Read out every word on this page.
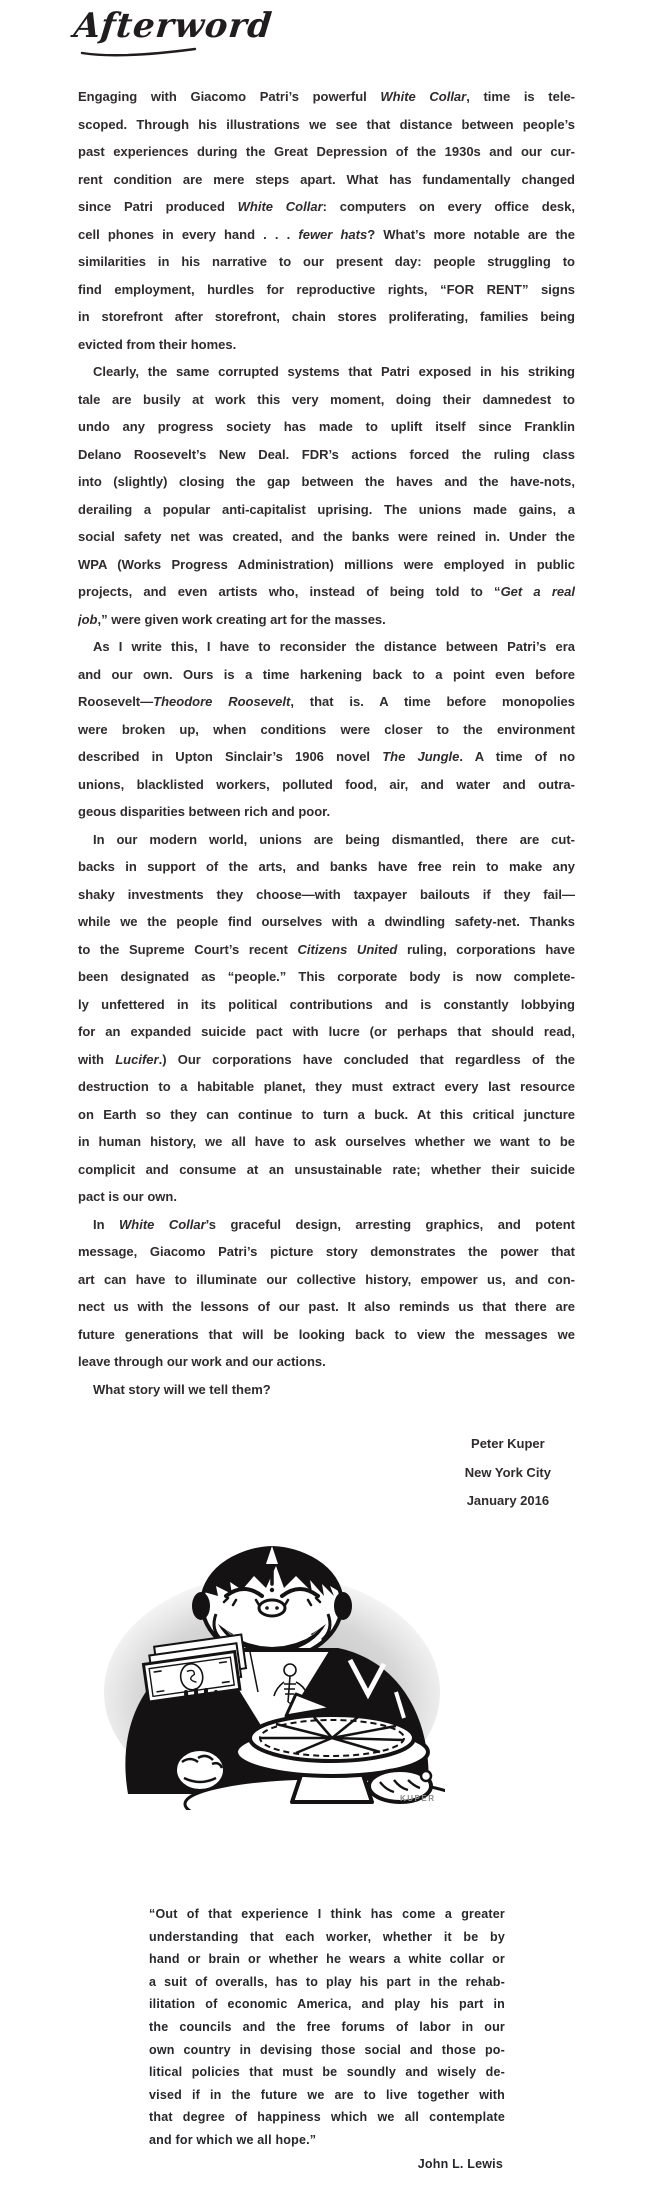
Afterword
Engaging with Giacomo Patri’s powerful White Collar, time is tele-
scoped. Through his illustrations we see that distance between people’s
past experiences during the Great Depression of the 1930s and our cur-
rent condition are mere steps apart. What has fundamentally changed
since Patri produced White Collar: computers on every office desk,
cell phones in every hand . . . fewer hats? What’s more notable are the
similarities in his narrative to our present day: people struggling to
find employment, hurdles for reproductive rights, “FOR RENT” signs
in storefront after storefront, chain stores proliferating, families being
evicted from their homes.
Clearly, the same corrupted systems that Patri exposed in his striking
tale are busily at work this very moment, doing their damnedest to
undo any progress society has made to uplift itself since Franklin
Delano Roosevelt’s New Deal. FDR’s actions forced the ruling class
into (slightly) closing the gap between the haves and the have-nots,
derailing a popular anti-capitalist uprising. The unions made gains, a
social safety net was created, and the banks were reined in. Under the
WPA (Works Progress Administration) millions were employed in public
projects, and even artists who, instead of being told to “Get a real
job,” were given work creating art for the masses.
As I write this, I have to reconsider the distance between Patri’s era
and our own. Ours is a time harkening back to a point even before
Roosevelt—Theodore Roosevelt, that is. A time before monopolies
were broken up, when conditions were closer to the environment
described in Upton Sinclair’s 1906 novel The Jungle. A time of no
unions, blacklisted workers, polluted food, air, and water and outra-
geous disparities between rich and poor.
In our modern world, unions are being dismantled, there are cut-
backs in support of the arts, and banks have free rein to make any
shaky investments they choose—with taxpayer bailouts if they fail—
while we the people find ourselves with a dwindling safety-net. Thanks
to the Supreme Court’s recent Citizens United ruling, corporations have
been designated as “people.” This corporate body is now complete-
ly unfettered in its political contributions and is constantly lobbying
for an expanded suicide pact with lucre (or perhaps that should read,
with Lucifer.) Our corporations have concluded that regardless of the
destruction to a habitable planet, they must extract every last resource
on Earth so they can continue to turn a buck. At this critical juncture
in human history, we all have to ask ourselves whether we want to be
complicit and consume at an unsustainable rate; whether their suicide
pact is our own.
In White Collar’s graceful design, arresting graphics, and potent
message, Giacomo Patri’s picture story demonstrates the power that
art can have to illuminate our collective history, empower us, and con-
nect us with the lessons of our past. It also reminds us that there are
future generations that will be looking back to view the messages we
leave through our work and our actions.
What story will we tell them?
Peter Kuper
New York City
January 2016
KUPER
“Out of that experience I think has come a greater
understanding that each worker, whether it be by
hand or brain or whether he wears a white collar or
a suit of overalls, has to play his part in the rehab-
ilitation of economic America, and play his part in
the councils and the free forums of labor in our
own country in devising those social and those po-
litical policies that must be soundly and wisely de-
vised if in the future we are to live together with
that degree of happiness which we all contemplate
and for which we all hope.”
John L. Lewis
